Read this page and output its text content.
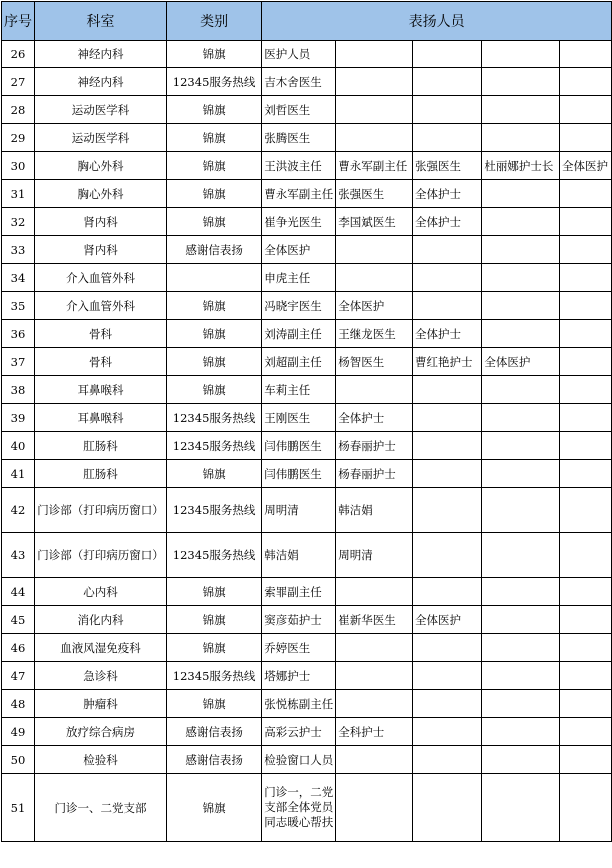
序号	科室	类别	表扬人员				
26	神经内科	锦旗	医护人员				
27	神经内科	12345服务热线	吉木舍医生				
28	运动医学科	锦旗	刘哲医生				
29	运动医学科	锦旗	张腾医生				
30	胸心外科	锦旗	王洪波主任	曹永军副主任	张强医生	杜丽娜护士长	全体医护
31	胸心外科	锦旗	曹永军副主任	张强医生	全体护士		
32	肾内科	锦旗	崔争光医生	李国斌医生	全体护士		
33	肾内科	感谢信表扬	全体医护				
34	介入血管外科		申虎主任				
35	介入血管外科	锦旗	冯晓宇医生	全体医护			
36	骨科	锦旗	刘涛副主任	王继龙医生	全体护士		
37	骨科	锦旗	刘超副主任	杨智医生	曹红艳护士	全体医护	
38	耳鼻喉科	锦旗	车莉主任				
39	耳鼻喉科	12345服务热线	王刚医生	全体护士			
40	肛肠科	12345服务热线	闫伟鹏医生	杨春丽护士			
41	肛肠科	锦旗	闫伟鹏医生	杨春丽护士			
42	门诊部（打印病历窗口）	12345服务热线	周明清	韩洁娟			
43	门诊部（打印病历窗口）	12345服务热线	韩洁娟	周明清			
44	心内科	锦旗	索罪副主任				
45	消化内科	锦旗	窦彦茹护士	崔新华医生	全体医护		
46	血液风湿免疫科	锦旗	乔婷医生				
47	急诊科	12345服务热线	塔娜护士				
48	肿瘤科	锦旗	张悦栋副主任				
49	放疗综合病房	感谢信表扬	高彩云护士	全科护士			
50	检验科	感谢信表扬	检验窗口人员				
51	门诊一、二党支部	锦旗	门诊一，二党支部全体党员同志暖心帮扶				
